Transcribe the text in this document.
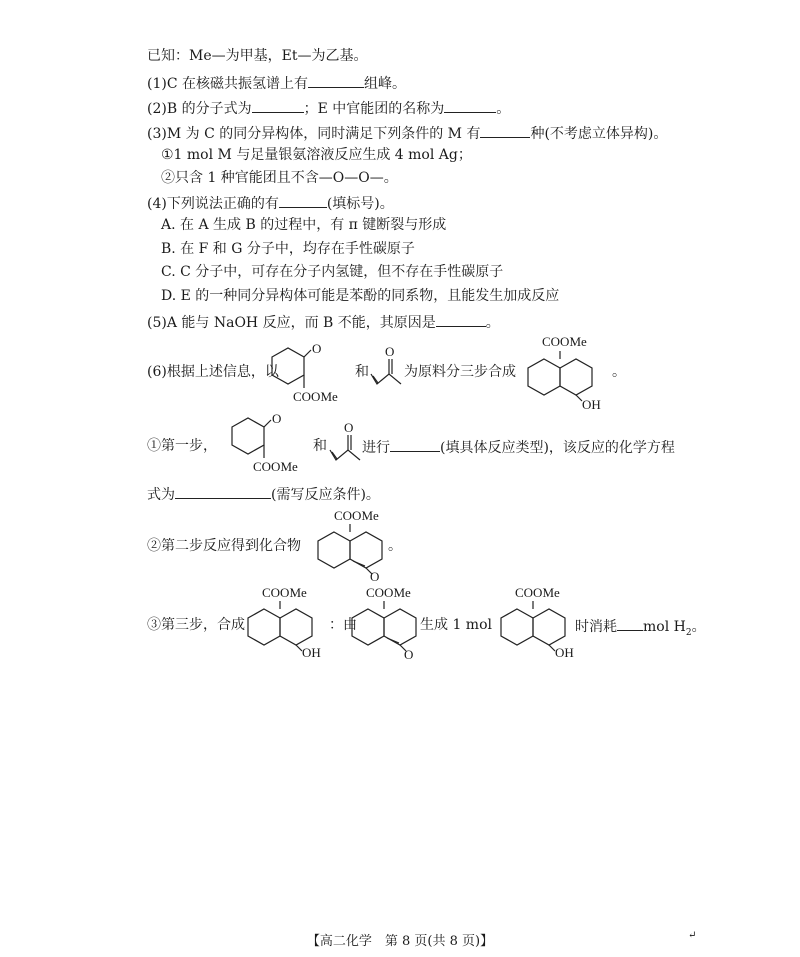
已知：Me—为甲基，Et—为乙基。
(1)C 在核磁共振氢谱上有	组峰。
(2)B 的分子式为	；E 中官能团的名称为	。
(3)M 为 C 的同分异构体，同时满足下列条件的 M 有	种(不考虑立体异构)。
①1 mol M 与足量银氨溶液反应生成 4 mol Ag；
②只含 1 种官能团且不含—O—O—。
(4)下列说法正确的有	(填标号)。
A. 在 A 生成 B 的过程中，有 π 键断裂与形成
B. 在 F 和 G 分子中，均存在手性碳原子
C. C 分子中，可存在分子内氢键，但不存在手性碳原子
D. E 的一种同分异构体可能是苯酚的同系物，且能发生加成反应
(5)A 能与 NaOH 反应，而 B 不能，其原因是	。
(6)根据上述信息，以	和	为原料分三步合成	。
①第一步，	和	进行	(填具体反应类型)，该反应的化学方程
式为	(需写反应条件)。
②第二步反应得到化合物	。
③第三步，合成	：由	生成 1 mol	时消耗 mol $H_2$。
O
COOMe
O
COOMe
OH
O
COOMe
O
COOMe
O
COOMe
OH
COOMe
O
COOMe
OH
【高二化学　第 8 页(共 8 页)】	↵
